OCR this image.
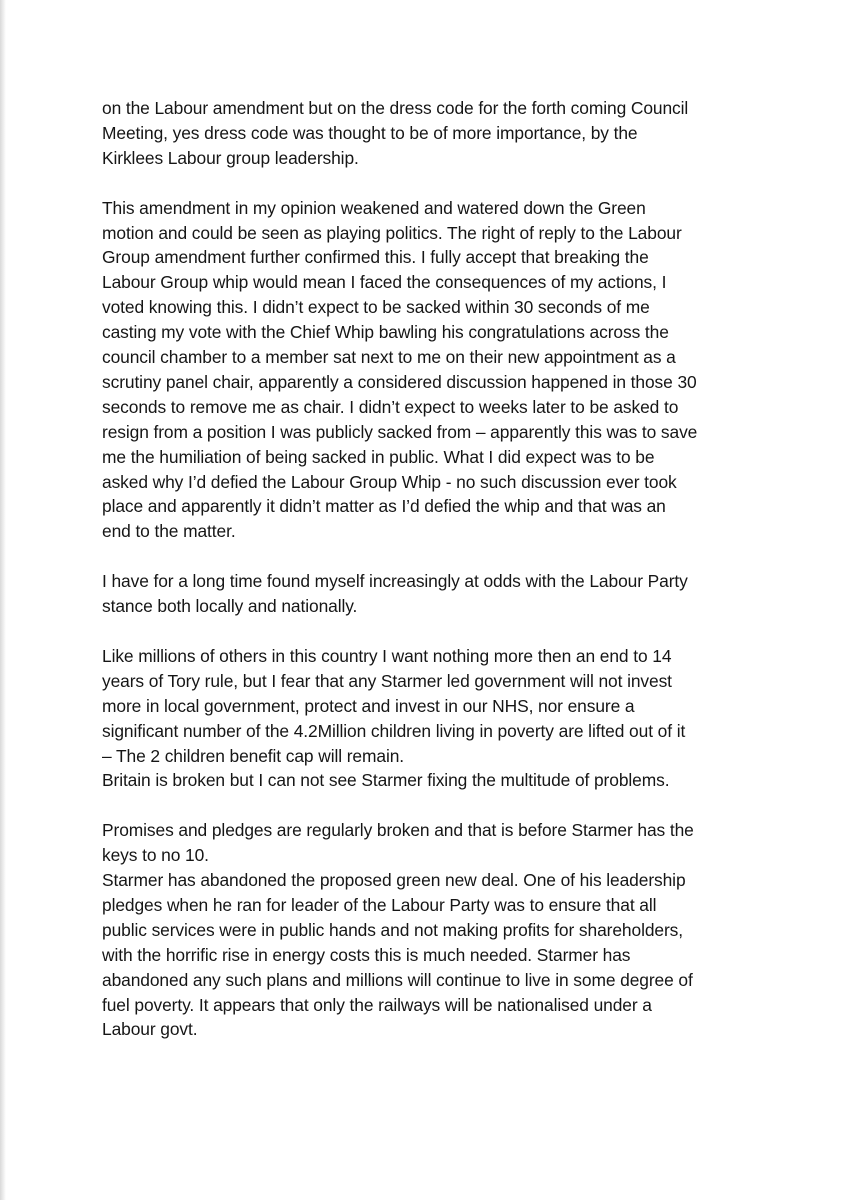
on the Labour amendment but on the dress code for the forth coming Council
Meeting, yes dress code was thought to be of more importance, by the
Kirklees Labour group leadership.
This amendment in my opinion weakened and watered down the Green
motion and could be seen as playing politics. The right of reply to the Labour
Group amendment further confirmed this. I fully accept that breaking the
Labour Group whip would mean I faced the consequences of my actions, I
voted knowing this. I didn’t expect to be sacked within 30 seconds of me
casting my vote with the Chief Whip bawling his congratulations across the
council chamber to a member sat next to me on their new appointment as a
scrutiny panel chair, apparently a considered discussion happened in those 30
seconds to remove me as chair. I didn’t expect to weeks later to be asked to
resign from a position I was publicly sacked from – apparently this was to save
me the humiliation of being sacked in public. What I did expect was to be
asked why I’d defied the Labour Group Whip - no such discussion ever took
place and apparently it didn’t matter as I’d defied the whip and that was an
end to the matter.
I have for a long time found myself increasingly at odds with the Labour Party
stance both locally and nationally.
Like millions of others in this country I want nothing more then an end to 14
years of Tory rule, but I fear that any Starmer led government will not invest
more in local government, protect and invest in our NHS, nor ensure a
significant number of the 4.2Million children living in poverty are lifted out of it
– The 2 children benefit cap will remain.
Britain is broken but I can not see Starmer fixing the multitude of problems.
Promises and pledges are regularly broken and that is before Starmer has the
keys to no 10.
Starmer has abandoned the proposed green new deal. One of his leadership
pledges when he ran for leader of the Labour Party was to ensure that all
public services were in public hands and not making profits for shareholders,
with the horrific rise in energy costs this is much needed. Starmer has
abandoned any such plans and millions will continue to live in some degree of
fuel poverty. It appears that only the railways will be nationalised under a
Labour govt.
